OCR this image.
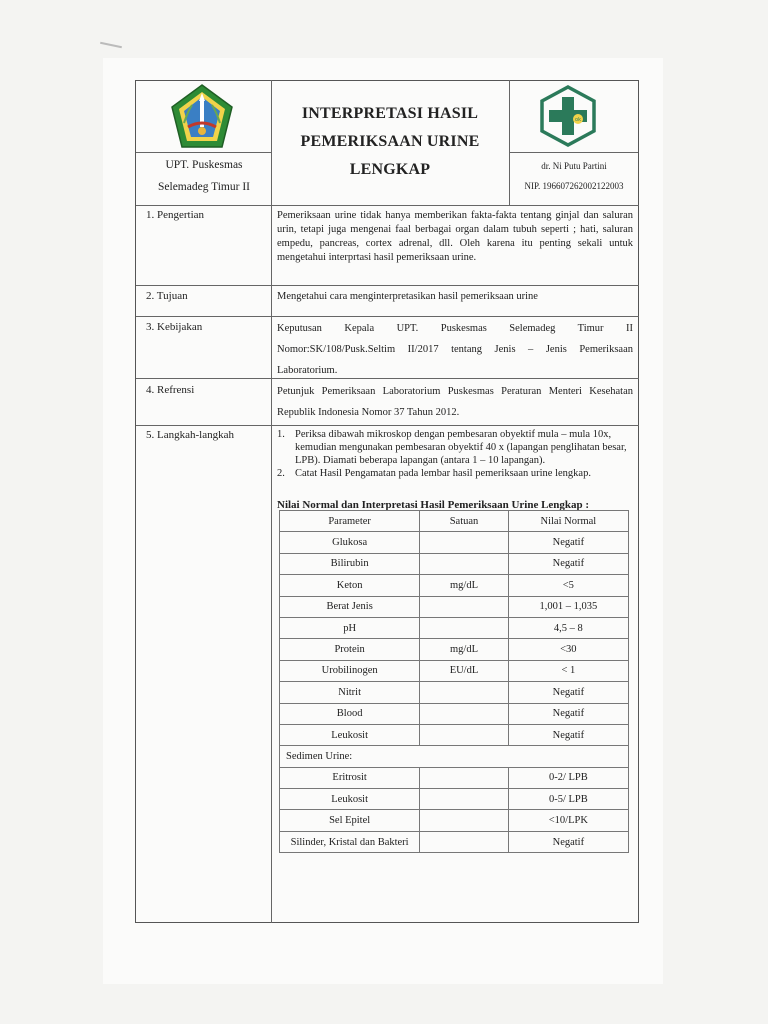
UPT. Puskesmas
Selemadeg Timur II
INTERPRETASI HASIL
PEMERIKSAAN URINE
LENGKAP
ok
dr. Ni Putu Partini
NIP. 196607262002122003
1. Pengertian	Pemeriksaan urine tidak hanya memberikan fakta-fakta tentang ginjal dan saluran urin, tetapi juga mengenai faal berbagai organ dalam tubuh seperti ; hati, saluran empedu, pancreas, cortex adrenal, dll. Oleh karena itu penting sekali untuk mengetahui interprtasi hasil pemeriksaan urine.
2. Tujuan	Mengetahui cara menginterpretasikan hasil pemeriksaan urine
3. Kebijakan	Keputusan Kepala UPT. Puskesmas Selemadeg Timur II Nomor:SK/108/Pusk.Seltim II/2017 tentang Jenis – Jenis Pemeriksaan Laboratorium.
4. Refrensi	Petunjuk Pemeriksaan Laboratorium Puskesmas Peraturan Menteri Kesehatan Republik Indonesia Nomor 37 Tahun 2012.
5. Langkah-langkah	1. Periksa dibawah mikroskop dengan pembesaran obyektif mula – mula 10x, kemudian mengunakan pembesaran obyektif 40 x (lapangan penglihatan besar, LPB). Diamati beberapa lapangan (antara 1 – 10 lapangan).
2. Catat Hasil Pengamatan pada lembar hasil pemeriksaan urine lengkap.
Nilai Normal dan Interpretasi Hasil Pemeriksaan Urine Lengkap :
Parameter	Satuan	Nilai Normal
Glukosa		Negatif
Bilirubin		Negatif
Keton	mg/dL	<5
Berat Jenis		1,001 – 1,035
pH		4,5 – 8
Protein	mg/dL	<30
Urobilinogen	EU/dL	< 1
Nitrit		Negatif
Blood		Negatif
Leukosit		Negatif
Sedimen Urine:		
Eritrosit		0-2/ LPB
Leukosit		0-5/ LPB
Sel Epitel		<10/LPK
Silinder, Kristal dan Bakteri		Negatif
